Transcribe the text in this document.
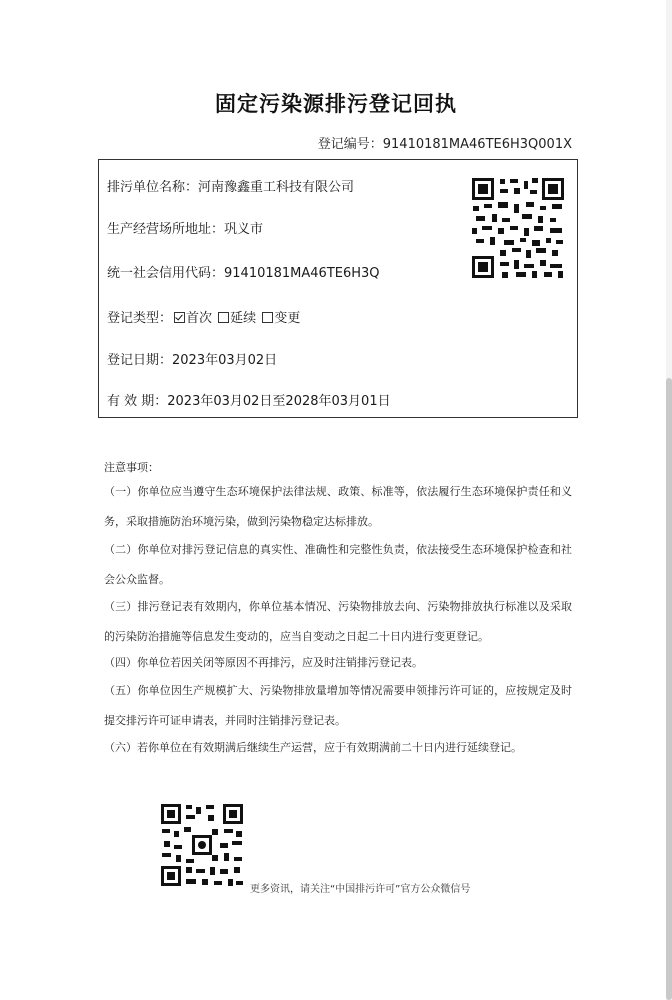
固定污染源排污登记回执
登记编号：91410181MA46TE6H3Q001X
排污单位名称：河南豫鑫重工科技有限公司
生产经营场所地址：巩义市
统一社会信用代码：91410181MA46TE6H3Q
登记类型： 首次 延续 变更
登记日期：2023年03月02日
有 效 期：2023年03月02日至2028年03月01日
注意事项：
（一）你单位应当遵守生态环境保护法律法规、政策、标准等，依法履行生态环境保护责任和义务，采取措施防治环境污染，做到污染物稳定达标排放。
（二）你单位对排污登记信息的真实性、准确性和完整性负责，依法接受生态环境保护检查和社会公众监督。
（三）排污登记表有效期内，你单位基本情况、污染物排放去向、污染物排放执行标准以及采取的污染防治措施等信息发生变动的，应当自变动之日起二十日内进行变更登记。
（四）你单位若因关闭等原因不再排污，应及时注销排污登记表。
（五）你单位因生产规模扩大、污染物排放量增加等情况需要申领排污许可证的，应按规定及时提交排污许可证申请表，并同时注销排污登记表。
（六）若你单位在有效期满后继续生产运营，应于有效期满前二十日内进行延续登记。
更多资讯，请关注“中国排污许可”官方公众微信号
